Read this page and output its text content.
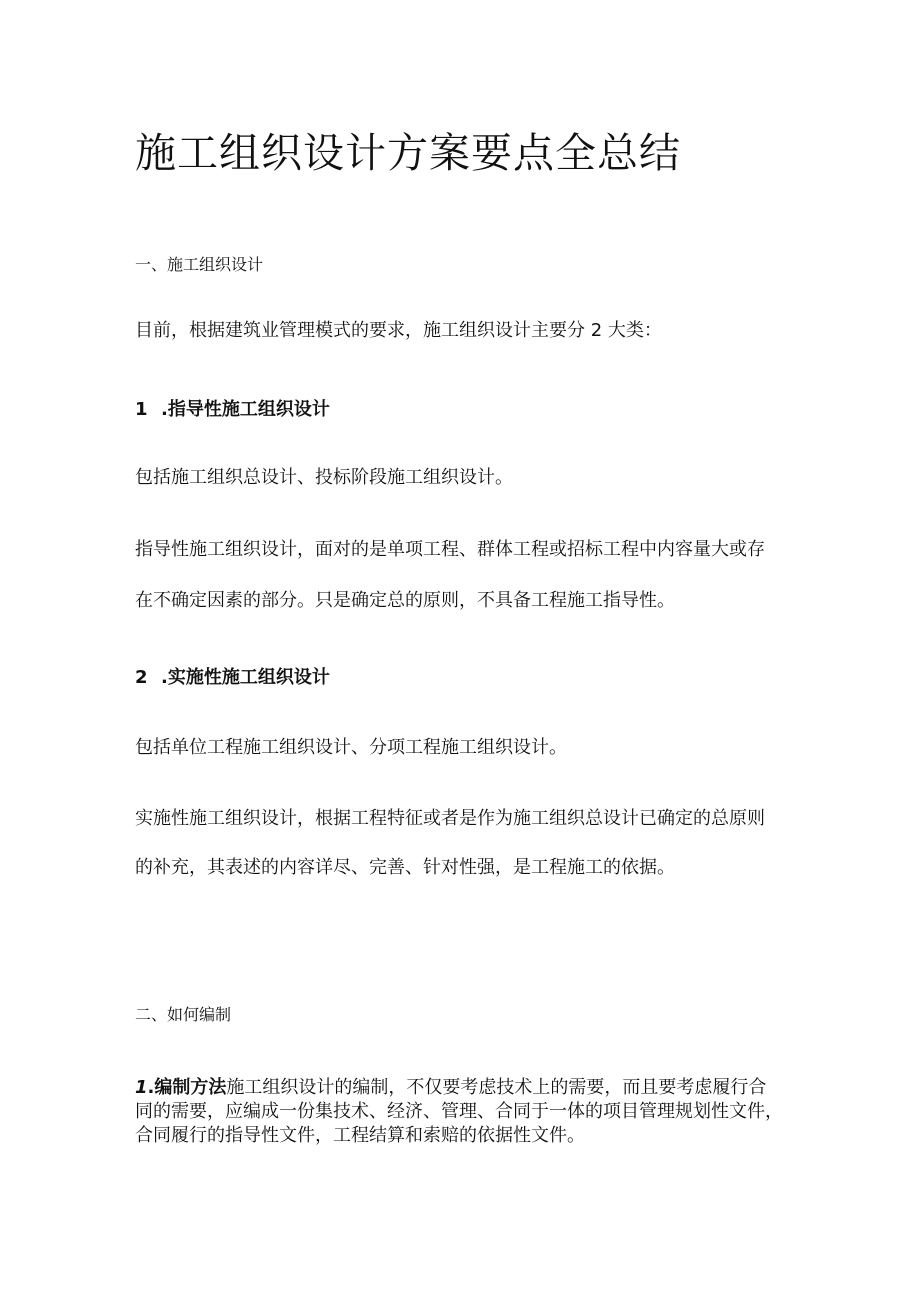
施工组织设计方案要点全总结
一、施工组织设计
目前，根据建筑业管理模式的要求，施工组织设计主要分 2 大类：
1 .指导性施工组织设计
包括施工组织总设计、投标阶段施工组织设计。
指导性施工组织设计，面对的是单项工程、群体工程或招标工程中内容量大或存
在不确定因素的部分。只是确定总的原则，不具备工程施工指导性。
2 .实施性施工组织设计
包括单位工程施工组织设计、分项工程施工组织设计。
实施性施工组织设计，根据工程特征或者是作为施工组织总设计已确定的总原则
的补充，其表述的内容详尽、完善、针对性强，是工程施工的依据。
二、如何编制
1.编制方法施工组织设计的编制，不仅要考虑技术上的需要，而且要考虑履行合
同的需要，应编成一份集技术、经济、管理、合同于一体的项目管理规划性文件，
合同履行的指导性文件，工程结算和索赔的依据性文件。
